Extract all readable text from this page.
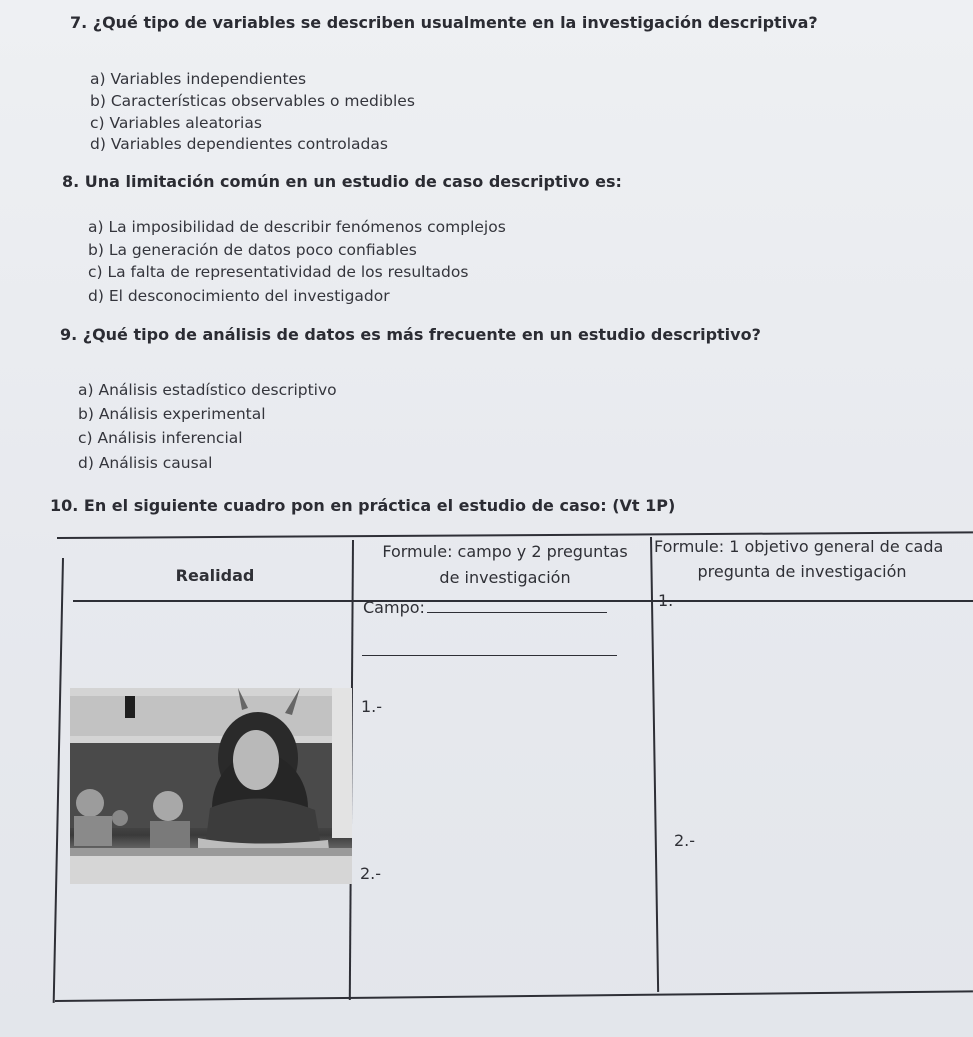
7. ¿Qué tipo de variables se describen usualmente en la investigación descriptiva?
a) Variables independientes
b) Características observables o medibles
c) Variables aleatorias
d) Variables dependientes controladas
8. Una limitación común en un estudio de caso descriptivo es:
a) La imposibilidad de describir fenómenos complejos
b) La generación de datos poco confiables
c) La falta de representatividad de los resultados
d) El desconocimiento del investigador
9. ¿Qué tipo de análisis de datos es más frecuente en un estudio descriptivo?
a) Análisis estadístico descriptivo
b) Análisis experimental
c) Análisis inferencial
d) Análisis causal
10. En el siguiente cuadro pon en práctica el estudio de caso: (Vt 1P)
Realidad
Formule: campo y 2 preguntas
de investigación
Formule: 1 objetivo general de cada
pregunta de investigación
Campo:
1.-
2.-
1.-
2.-
